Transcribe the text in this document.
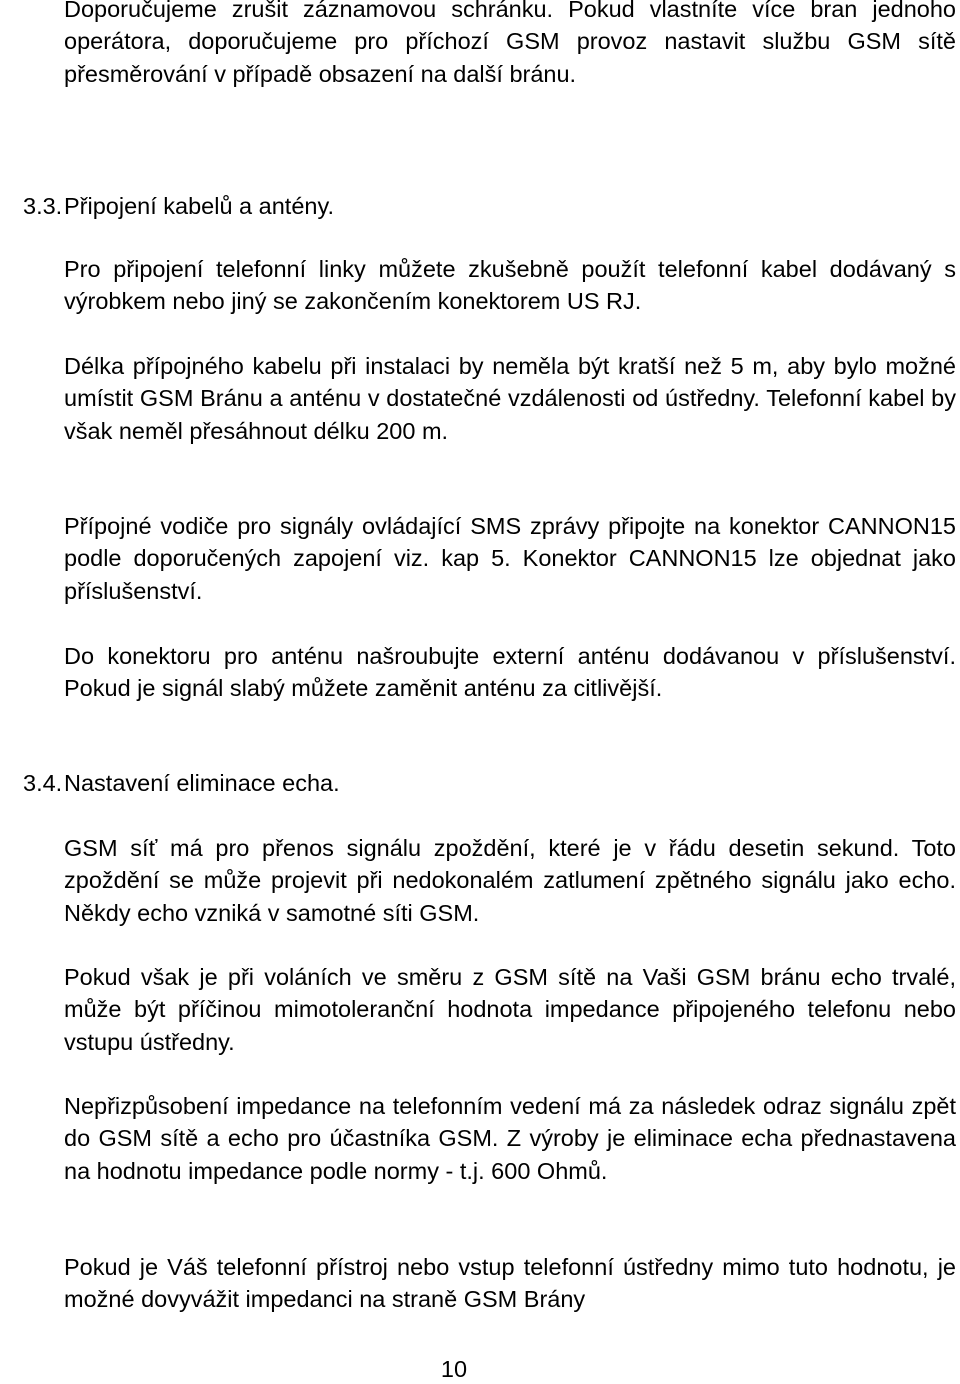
Doporučujeme zrušit záznamovou schránku. Pokud vlastníte více bran jednoho operátora, doporučujeme pro příchozí GSM provoz nastavit službu GSM sítě přesměrování v případě obsazení na další bránu.

3.3.Připojení kabelů a antény.

Pro připojení telefonní linky můžete zkušebně použít telefonní kabel dodávaný s výrobkem nebo jiný se zakončením konektorem US RJ.

Délka přípojného kabelu při instalaci by neměla být kratší než 5 m, aby bylo možné umístit GSM Bránu a anténu v dostatečné vzdálenosti od ústředny. Telefonní kabel by však neměl přesáhnout délku 200 m.

Přípojné vodiče pro signály ovládající SMS zprávy připojte na konektor CANNON15 podle doporučených zapojení viz. kap 5. Konektor CANNON15 lze objednat jako příslušenství.

Do konektoru pro anténu našroubujte externí anténu dodávanou v příslušenství. Pokud je signál slabý můžete zaměnit anténu za citlivější.

3.4.Nastavení eliminace echa.

GSM síť má pro přenos signálu zpoždění, které je v řádu desetin sekund. Toto zpoždění se může projevit při nedokonalém zatlumení zpětného signálu jako echo. Někdy echo vzniká v samotné síti GSM.

Pokud však je při voláních ve směru z GSM sítě na Vaši GSM bránu echo trvalé, může být příčinou mimotoleranční hodnota impedance připojeného telefonu nebo vstupu ústředny.

Nepřizpůsobení impedance na telefonním vedení má za následek odraz signálu zpět do GSM sítě a echo pro účastníka GSM. Z výroby je eliminace echa přednastavena na hodnotu impedance podle normy - t.j. 600 Ohmů.

Pokud je Váš telefonní přístroj nebo vstup telefonní ústředny mimo tuto hodnotu, je možné dovyvážit impedanci na straně GSM Brány

10
